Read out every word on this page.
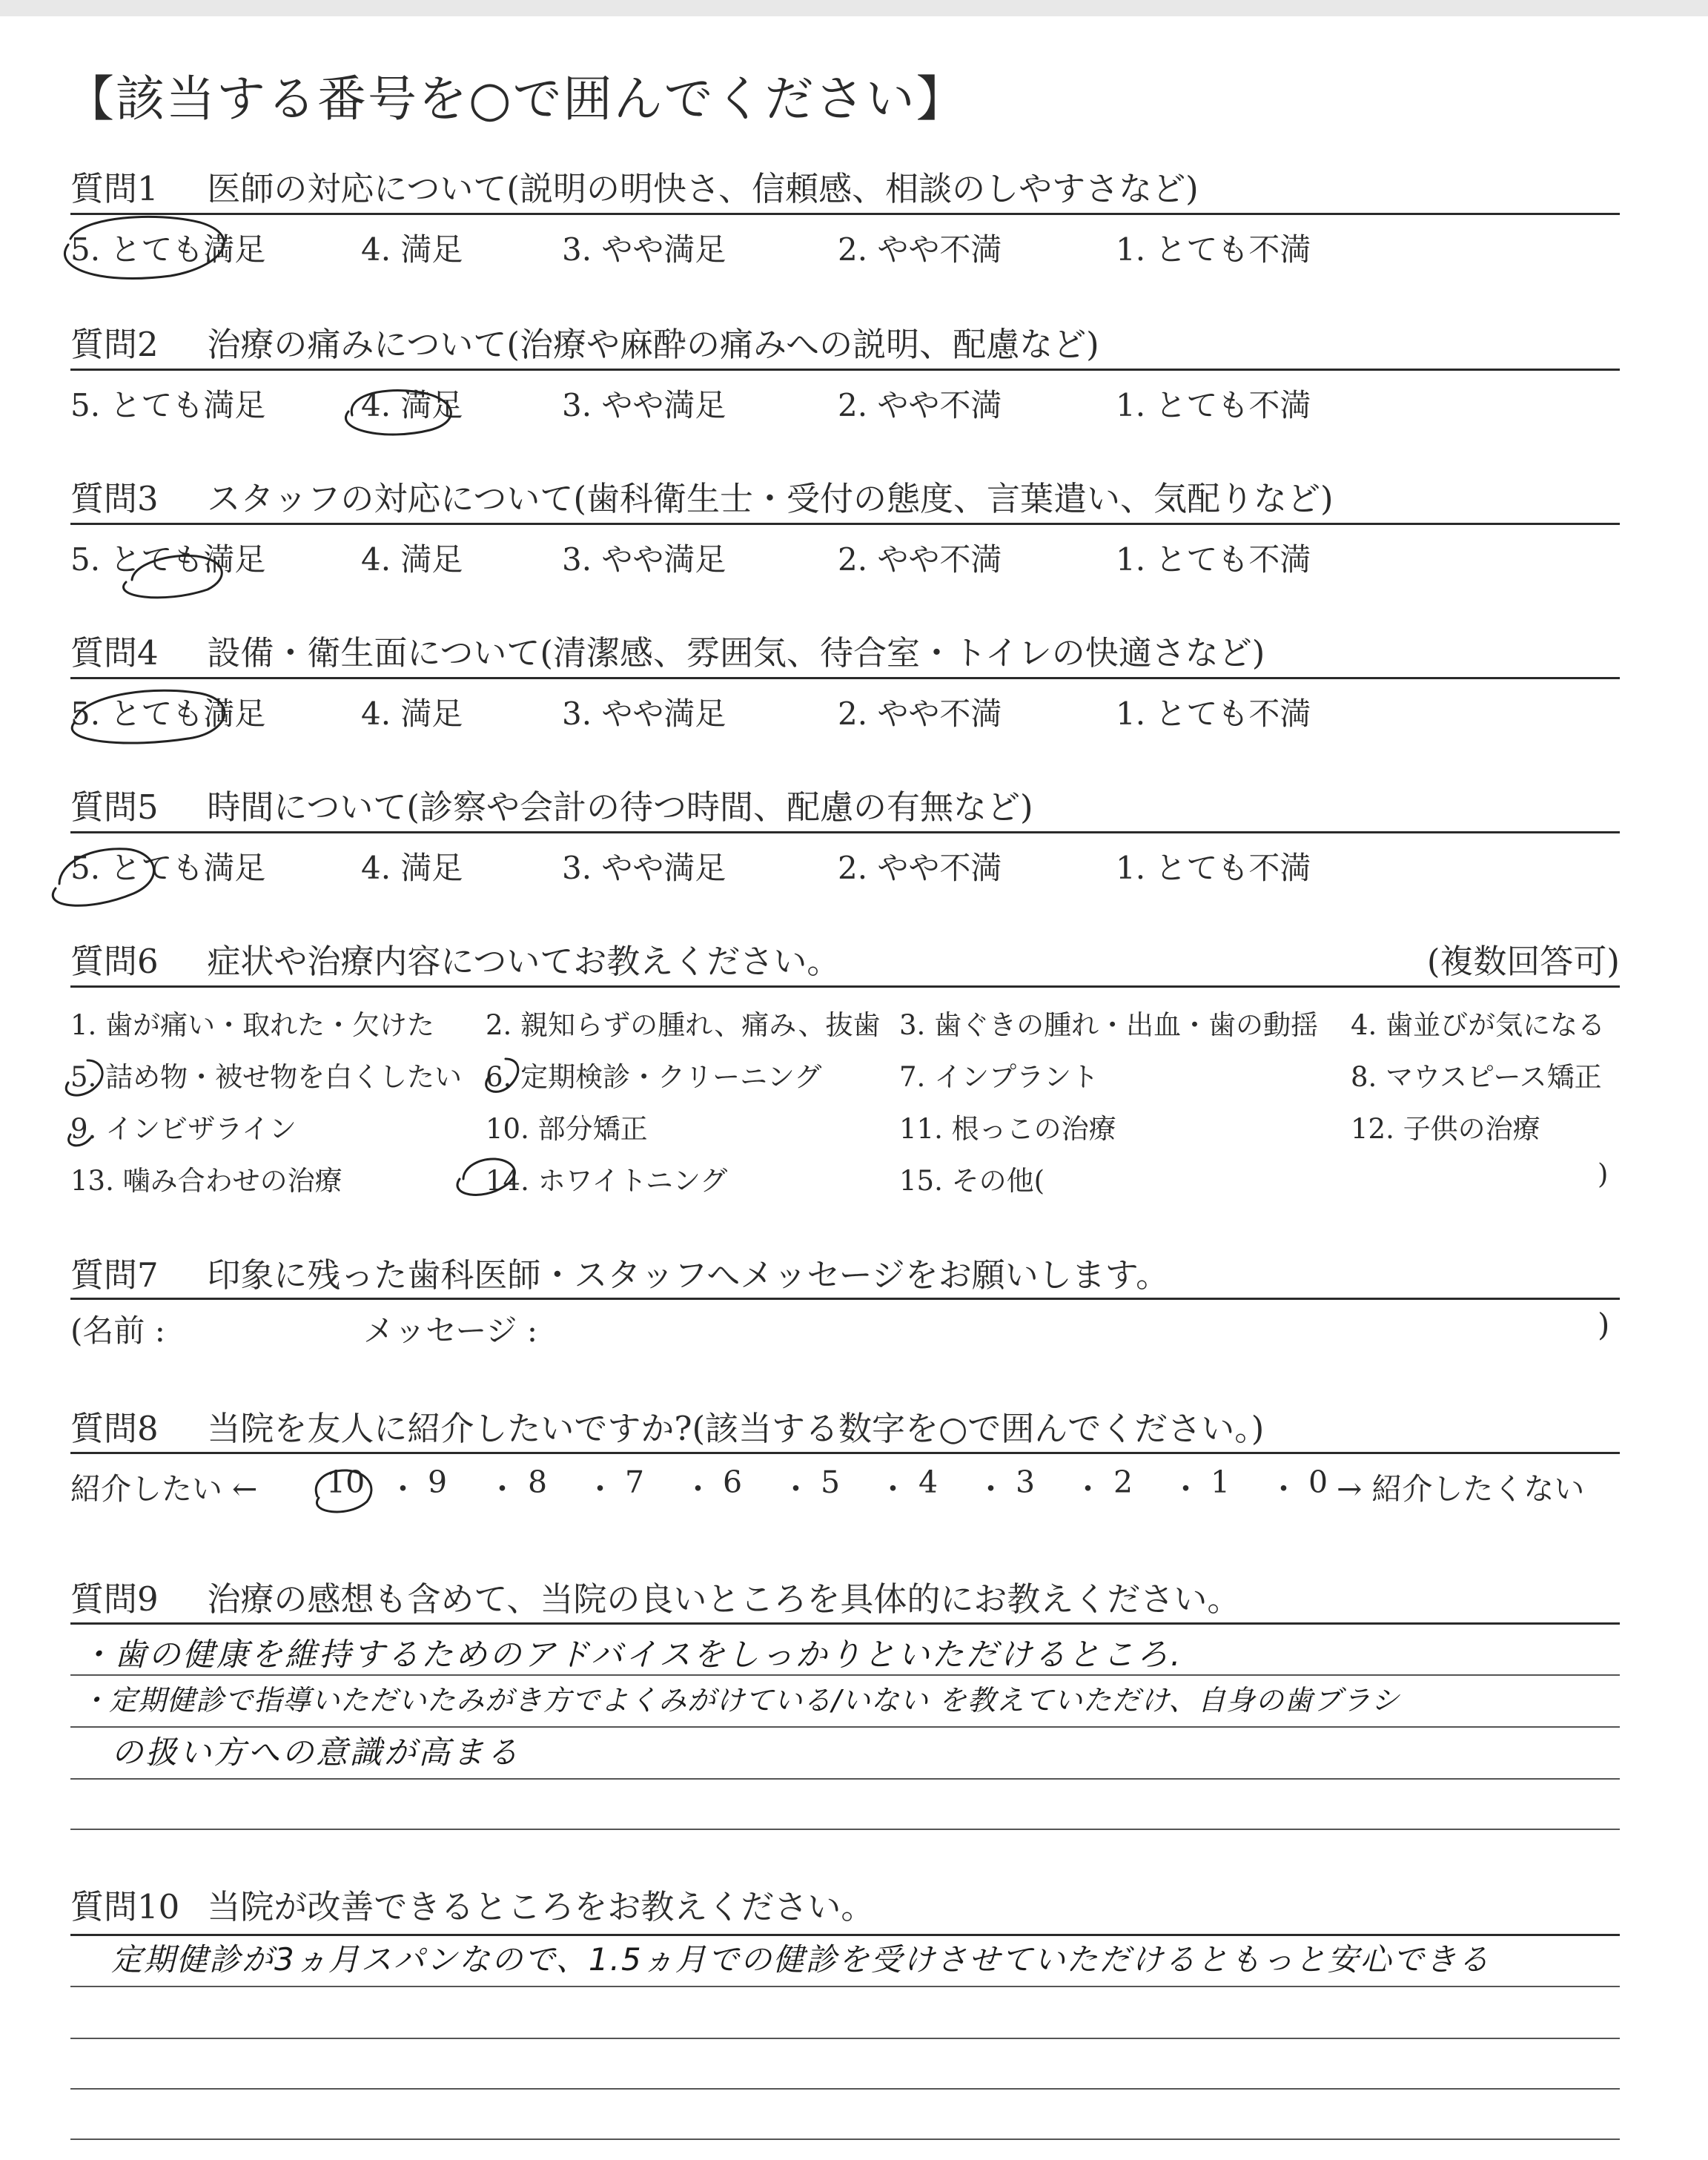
【該当する番号を○で囲んでください】
質問1 医師の対応について(説明の明快さ、信頼感、相談のしやすさなど)
5. とても満足	4. 満足	3. やや満足	2. やや不満	1. とても不満
質問2 治療の痛みについて(治療や麻酔の痛みへの説明、配慮など)
5. とても満足	4. 満足	3. やや満足	2. やや不満	1. とても不満
質問3 スタッフの対応について(歯科衛生士・受付の態度、言葉遣い、気配りなど)
5. とても満足	4. 満足	3. やや満足	2. やや不満	1. とても不満
質問4 設備・衛生面について(清潔感、雰囲気、待合室・トイレの快適さなど)
5. とても満足	4. 満足	3. やや満足	2. やや不満	1. とても不満
質問5 時間について(診察や会計の待つ時間、配慮の有無など)
5. とても満足	4. 満足	3. やや満足	2. やや不満	1. とても不満
質問6 症状や治療内容についてお教えください。	(複数回答可)
1. 歯が痛い・取れた・欠けた 2. 親知らずの腫れ、痛み、抜歯 3. 歯ぐきの腫れ・出血・歯の動揺 4. 歯並びが気になる
5. 詰め物・被せ物を白くしたい 6. 定期検診・クリーニング	7. インプラント	8. マウスピース矯正
9. インビザライン	10. 部分矯正	11. 根っこの治療	12. 子供の治療
13. 噛み合わせの治療	14. ホワイトニング	15. その他(	)
質問7 印象に残った歯科医師・スタッフへメッセージをお願いします。
(名前 :	メッセージ :	)
質問8 当院を友人に紹介したいですか?(該当する数字を○で囲んでください。)
紹介したい ← 10 ・ 9 ・ 8 ・ 7 ・ 6 ・ 5 ・ 4 ・ 3 ・ 2 ・ 1 ・ 0 → 紹介したくない
質問9 治療の感想も含めて、当院の良いところを具体的にお教えください。
・歯の健康を維持するためのアドバイスをしっかりといただけるところ.
・定期健診で指導いただいたみがき方でよくみがけている/いない を教えていただけ、自身の歯ブラシ
の扱い方への意識が高まる
質問10 当院が改善できるところをお教えください。
定期健診が3ヵ月スパンなので、1.5ヵ月での健診を受けさせていただけるともっと安心できる
